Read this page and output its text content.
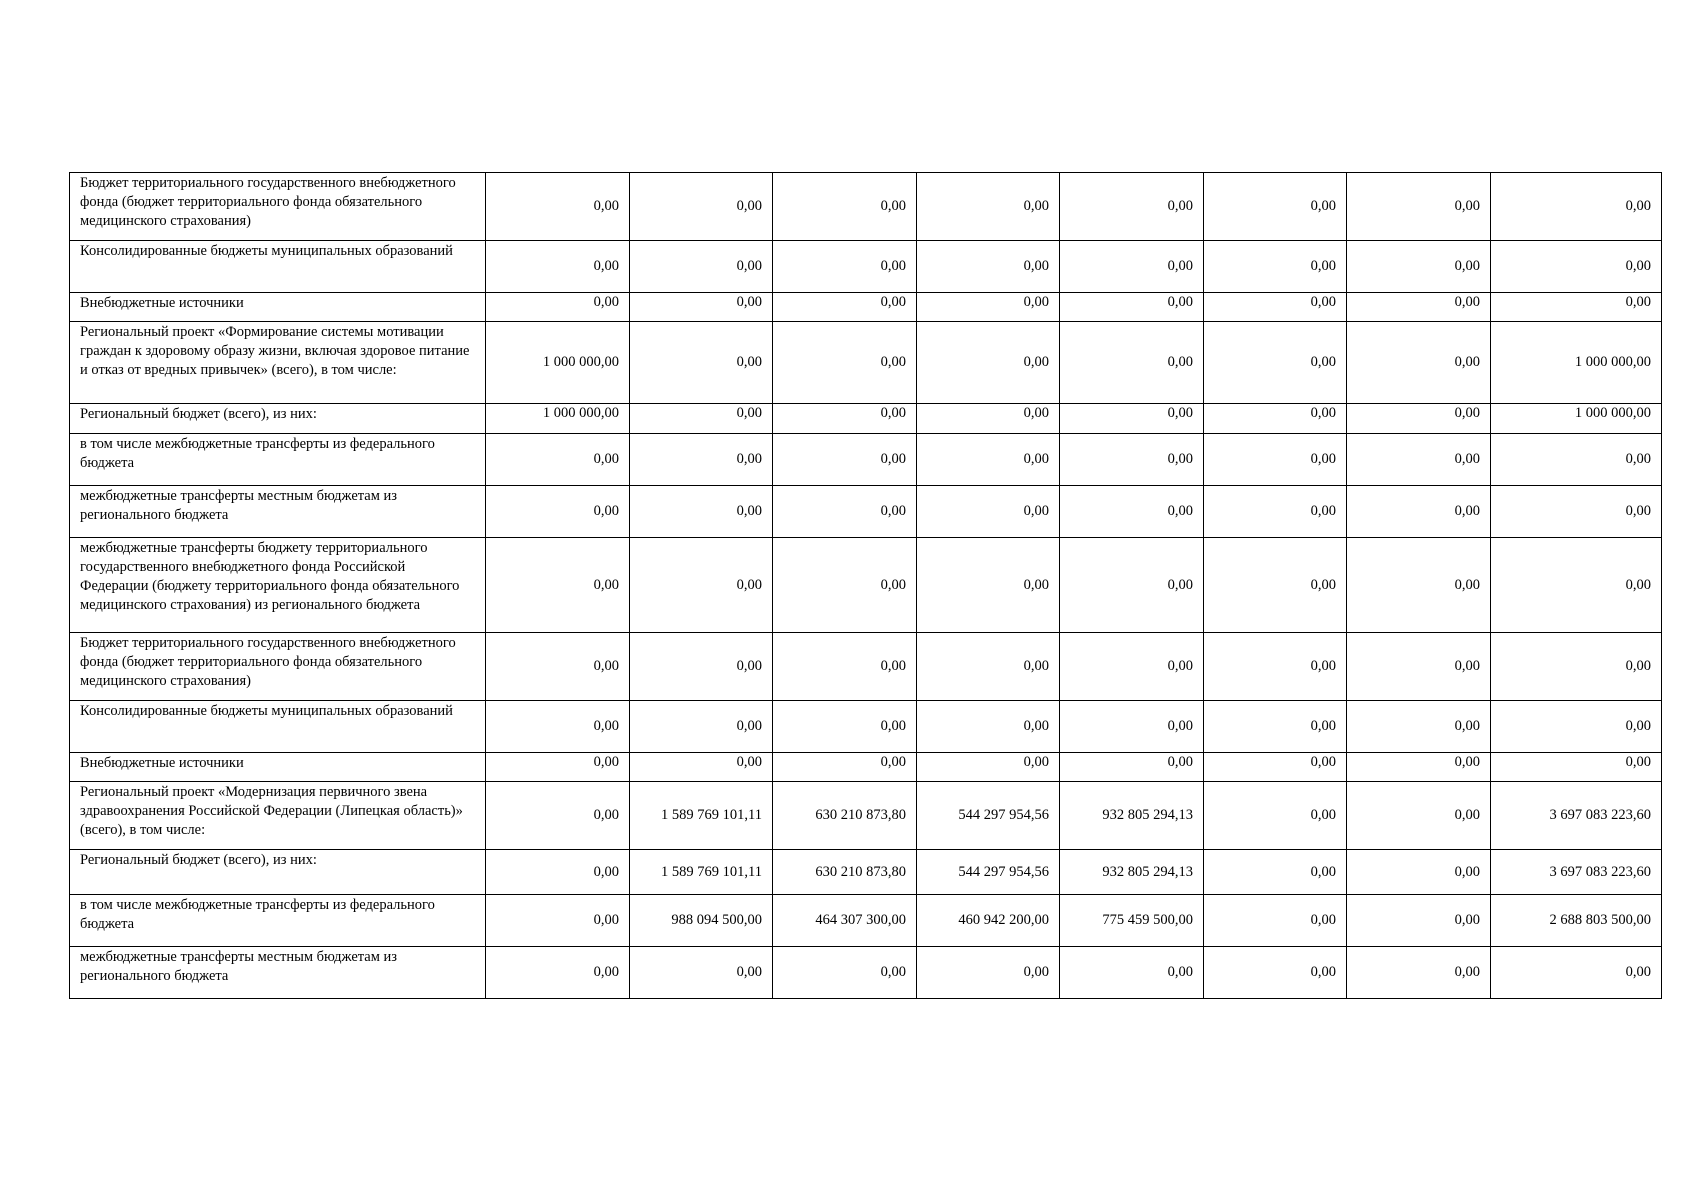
Бюджет территориального государственного внебюджетного фонда (бюджет территориального фонда обязательного медицинского страхования)	0,00	0,00	0,00	0,00	0,00	0,00	0,00	0,00
Консолидированные бюджеты муниципальных образований	0,00	0,00	0,00	0,00	0,00	0,00	0,00	0,00
Внебюджетные источники	0,00	0,00	0,00	0,00	0,00	0,00	0,00	0,00
Региональный проект «Формирование системы мотивации граждан к здоровому образу жизни, включая здоровое питание и отказ от вредных привычек» (всего), в том числе:	1 000 000,00	0,00	0,00	0,00	0,00	0,00	0,00	1 000 000,00
Региональный бюджет (всего), из них:	1 000 000,00	0,00	0,00	0,00	0,00	0,00	0,00	1 000 000,00
в том числе межбюджетные трансферты из федерального бюджета	0,00	0,00	0,00	0,00	0,00	0,00	0,00	0,00
межбюджетные трансферты местным бюджетам из регионального бюджета	0,00	0,00	0,00	0,00	0,00	0,00	0,00	0,00
межбюджетные трансферты бюджету территориального государственного внебюджетного фонда Российской Федерации (бюджету территориального фонда обязательного медицинского страхования) из регионального бюджета	0,00	0,00	0,00	0,00	0,00	0,00	0,00	0,00
Бюджет территориального государственного внебюджетного фонда (бюджет территориального фонда обязательного медицинского страхования)	0,00	0,00	0,00	0,00	0,00	0,00	0,00	0,00
Консолидированные бюджеты муниципальных образований	0,00	0,00	0,00	0,00	0,00	0,00	0,00	0,00
Внебюджетные источники	0,00	0,00	0,00	0,00	0,00	0,00	0,00	0,00
Региональный проект «Модернизация первичного звена здравоохранения Российской Федерации (Липецкая область)» (всего), в том числе:	0,00	1 589 769 101,11	630 210 873,80	544 297 954,56	932 805 294,13	0,00	0,00	3 697 083 223,60
Региональный бюджет (всего), из них:	0,00	1 589 769 101,11	630 210 873,80	544 297 954,56	932 805 294,13	0,00	0,00	3 697 083 223,60
в том числе межбюджетные трансферты из федерального бюджета	0,00	988 094 500,00	464 307 300,00	460 942 200,00	775 459 500,00	0,00	0,00	2 688 803 500,00
межбюджетные трансферты местным бюджетам из регионального бюджета	0,00	0,00	0,00	0,00	0,00	0,00	0,00	0,00
